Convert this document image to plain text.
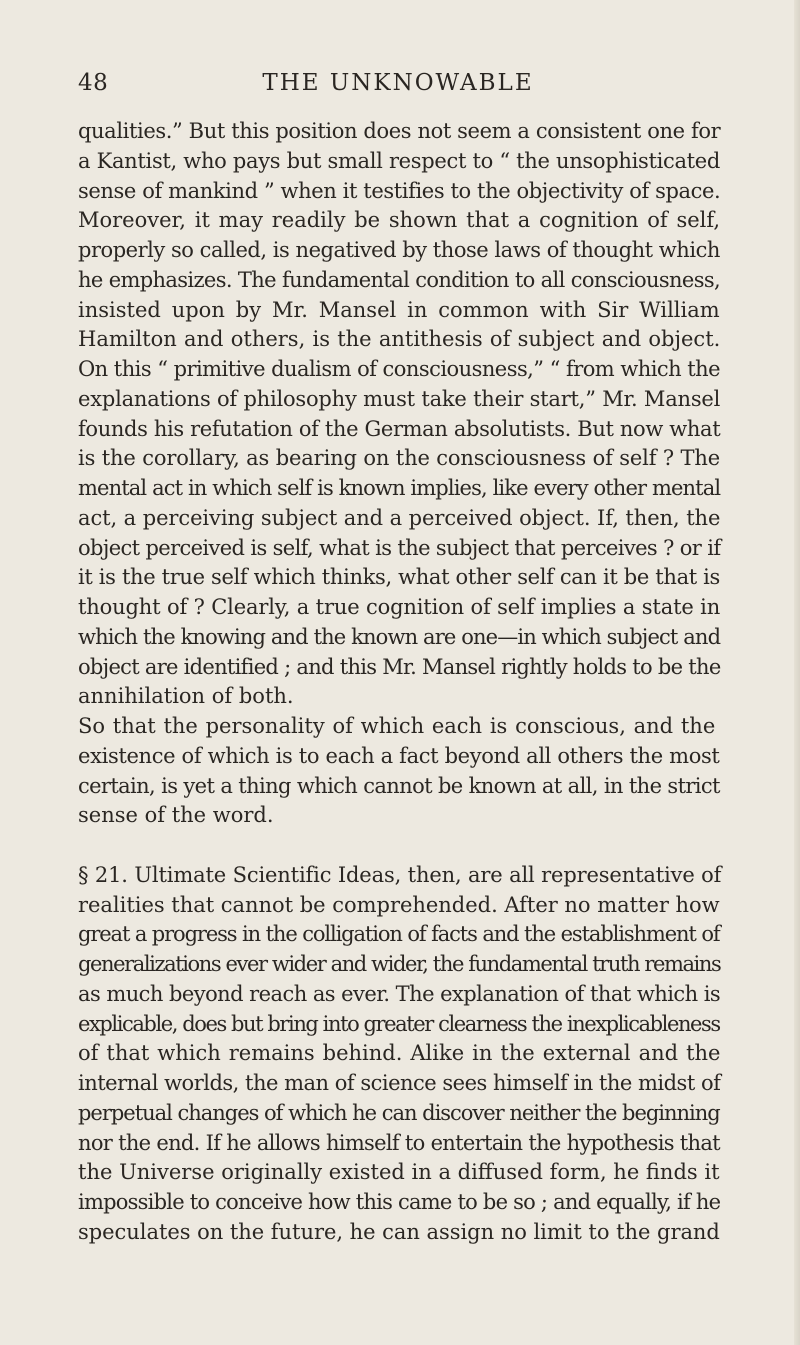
48	THE UNKNOWABLE
qualities.” But this position does not seem a consistent one for
a Kantist, who pays but small respect to “ the unsophisticated
sense of mankind ” when it testifies to the objectivity of space.
Moreover, it may readily be shown that a cognition of self,
properly so called, is negatived by those laws of thought which
he emphasizes. The fundamental condition to all consciousness,
insisted upon by Mr. Mansel in common with Sir William
Hamilton and others, is the antithesis of subject and object.
On this “ primitive dualism of consciousness,” “ from which the
explanations of philosophy must take their start,” Mr. Mansel
founds his refutation of the German absolutists. But now what
is the corollary, as bearing on the consciousness of self ? The
mental act in which self is known implies, like every other mental
act, a perceiving subject and a perceived object. If, then, the
object perceived is self, what is the subject that perceives ? or if
it is the true self which thinks, what other self can it be that is
thought of ? Clearly, a true cognition of self implies a state in
which the knowing and the known are one—in which subject and
object are identified ; and this Mr. Mansel rightly holds to be the
annihilation of both.
So that the personality of which each is conscious, and the
existence of which is to each a fact beyond all others the most
certain, is yet a thing which cannot be known at all, in the strict
sense of the word.
§ 21. Ultimate Scientific Ideas, then, are all representative of
realities that cannot be comprehended. After no matter how
great a progress in the colligation of facts and the establishment of
generalizations ever wider and wider, the fundamental truth remains
as much beyond reach as ever. The explanation of that which is
explicable, does but bring into greater clearness the inexplicableness
of that which remains behind. Alike in the external and the
internal worlds, the man of science sees himself in the midst of
perpetual changes of which he can discover neither the beginning
nor the end. If he allows himself to entertain the hypothesis that
the Universe originally existed in a diffused form, he finds it
impossible to conceive how this came to be so ; and equally, if he
speculates on the future, he can assign no limit to the grand
